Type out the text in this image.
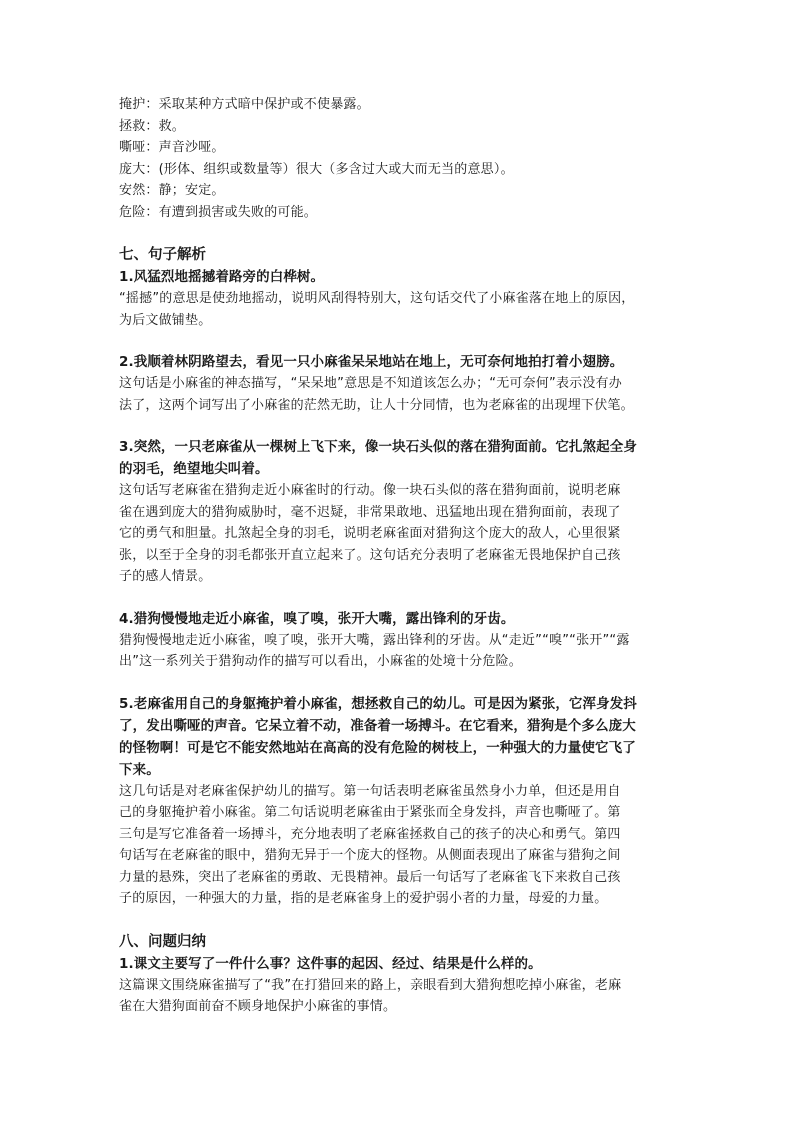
掩护：采取某种方式暗中保护或不使暴露。
拯救：救。
嘶哑：声音沙哑。
庞大：(形体、组织或数量等）很大（多含过大或大而无当的意思）。
安然：静；安定。
危险：有遭到损害或失败的可能。
七、句子解析
1.风猛烈地摇撼着路旁的白桦树。

“摇撼”的意思是使劲地摇动，说明风刮得特别大，这句话交代了小麻雀落在地上的原因，

为后文做铺垫。

2.我顺着林阴路望去，看见一只小麻雀呆呆地站在地上，无可奈何地拍打着小翅膀。

这句话是小麻雀的神态描写，“呆呆地”意思是不知道该怎么办；“无可奈何”表示没有办

法了，这两个词写出了小麻雀的茫然无助，让人十分同情，也为老麻雀的出现埋下伏笔。

3.突然，一只老麻雀从一棵树上飞下来，像一块石头似的落在猎狗面前。它扎煞起全身
的羽毛，绝望地尖叫着。

这句话写老麻雀在猎狗走近小麻雀时的行动。像一块石头似的落在猎狗面前，说明老麻

雀在遇到庞大的猎狗威胁时，毫不迟疑，非常果敢地、迅猛地出现在猎狗面前，表现了

它的勇气和胆量。扎煞起全身的羽毛，说明老麻雀面对猎狗这个庞大的敌人，心里很紧

张，以至于全身的羽毛都张开直立起来了。这句话充分表明了老麻雀无畏地保护自己孩

子的感人情景。

4.猎狗慢慢地走近小麻雀，嗅了嗅，张开大嘴，露出锋利的牙齿。

猎狗慢慢地走近小麻雀，嗅了嗅，张开大嘴，露出锋利的牙齿。从“走近”“嗅”“张开”“露

出”这一系列关于猎狗动作的描写可以看出，小麻雀的处境十分危险。

5.老麻雀用自己的身躯掩护着小麻雀，想拯救自己的幼儿。可是因为紧张，它浑身发抖
了，发出嘶哑的声音。它呆立着不动，准备着一场搏斗。在它看来，猎狗是个多么庞大
的怪物啊！可是它不能安然地站在高高的没有危险的树枝上，一种强大的力量使它飞了
下来。

这几句话是对老麻雀保护幼儿的描写。第一句话表明老麻雀虽然身小力单，但还是用自

己的身躯掩护着小麻雀。第二句话说明老麻雀由于紧张而全身发抖，声音也嘶哑了。第

三句是写它准备着一场搏斗，充分地表明了老麻雀拯救自己的孩子的决心和勇气。第四

句话写在老麻雀的眼中，猎狗无异于一个庞大的怪物。从侧面表现出了麻雀与猎狗之间

力量的悬殊，突出了老麻雀的勇敢、无畏精神。最后一句话写了老麻雀飞下来救自己孩

子的原因，一种强大的力量，指的是老麻雀身上的爱护弱小者的力量，母爱的力量。

八、问题归纳
1.课文主要写了一件什么事？这件事的起因、经过、结果是什么样的。

这篇课文围绕麻雀描写了“我”在打猎回来的路上，亲眼看到大猎狗想吃掉小麻雀，老麻

雀在大猎狗面前奋不顾身地保护小麻雀的事情。
